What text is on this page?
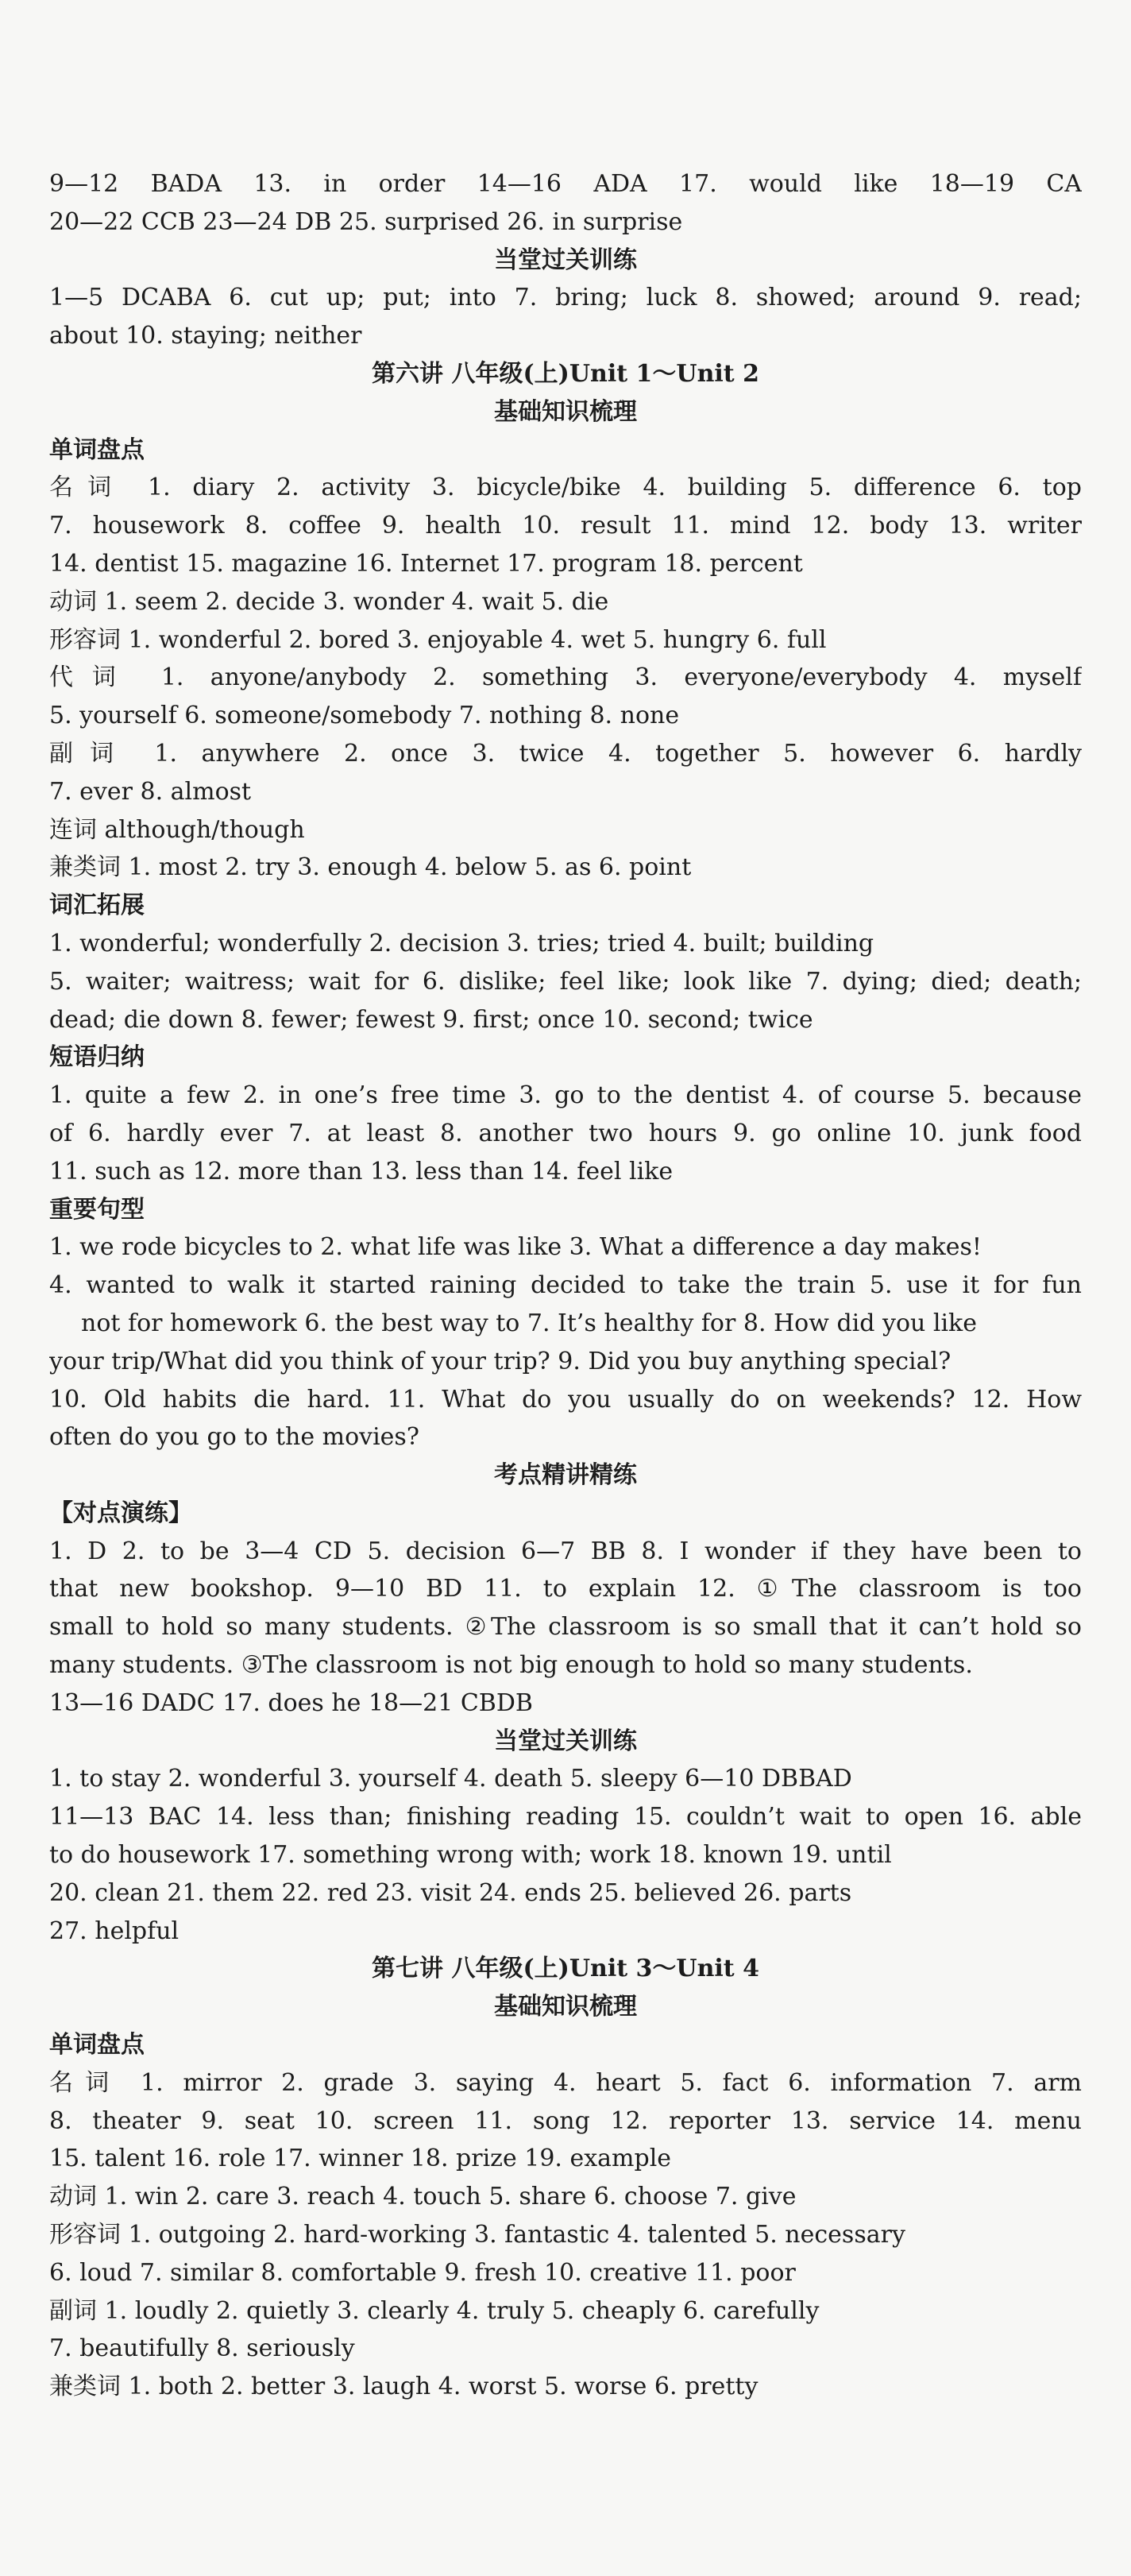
9—12 BADA 13. in order 14—16 ADA 17. would like 18—19 CA
20—22 CCB 23—24 DB 25. surprised 26. in surprise
当堂过关训练
1—5 DCABA 6. cut up; put; into 7. bring; luck 8. showed; around 9. read;
about 10. staying; neither
第六讲 八年级(上)Unit 1～Unit 2
基础知识梳理
单词盘点
名词 1. diary 2. activity 3. bicycle/bike 4. building 5. difference 6. top
7. housework 8. coffee 9. health 10. result 11. mind 12. body 13. writer
14. dentist 15. magazine 16. Internet 17. program 18. percent
动词 1. seem 2. decide 3. wonder 4. wait 5. die
形容词 1. wonderful 2. bored 3. enjoyable 4. wet 5. hungry 6. full
代词 1. anyone/anybody 2. something 3. everyone/everybody 4. myself
5. yourself 6. someone/somebody 7. nothing 8. none
副词 1. anywhere 2. once 3. twice 4. together 5. however 6. hardly
7. ever 8. almost
连词 although/though
兼类词 1. most 2. try 3. enough 4. below 5. as 6. point
词汇拓展
1. wonderful; wonderfully 2. decision 3. tries; tried 4. built; building
5. waiter; waitress; wait for 6. dislike; feel like; look like 7. dying; died; death;
dead; die down 8. fewer; fewest 9. first; once 10. second; twice
短语归纳
1. quite a few 2. in one’s free time 3. go to the dentist 4. of course 5. because
of 6. hardly ever 7. at least 8. another two hours 9. go online 10. junk food
11. such as 12. more than 13. less than 14. feel like
重要句型
1. we rode bicycles to 2. what life was like 3. What a difference a day makes!
4. wanted to walk it started raining decided to take the train 5. use it for fun
not for homework 6. the best way to 7. It’s healthy for 8. How did you like
your trip/What did you think of your trip? 9. Did you buy anything special?
10. Old habits die hard. 11. What do you usually do on weekends? 12. How
often do you go to the movies?
考点精讲精练
【对点演练】
1. D 2. to be 3—4 CD 5. decision 6—7 BB 8. I wonder if they have been to
that new bookshop. 9—10 BD 11. to explain 12. ①The classroom is too
small to hold so many students. ②The classroom is so small that it can’t hold so
many students. ③The classroom is not big enough to hold so many students.
13—16 DADC 17. does he 18—21 CBDB
当堂过关训练
1. to stay 2. wonderful 3. yourself 4. death 5. sleepy 6—10 DBBAD
11—13 BAC 14. less than; finishing reading 15. couldn’t wait to open 16. able
to do housework 17. something wrong with; work 18. known 19. until
20. clean 21. them 22. red 23. visit 24. ends 25. believed 26. parts
27. helpful
第七讲 八年级(上)Unit 3～Unit 4
基础知识梳理
单词盘点
名词 1. mirror 2. grade 3. saying 4. heart 5. fact 6. information 7. arm
8. theater 9. seat 10. screen 11. song 12. reporter 13. service 14. menu
15. talent 16. role 17. winner 18. prize 19. example
动词 1. win 2. care 3. reach 4. touch 5. share 6. choose 7. give
形容词 1. outgoing 2. hard-working 3. fantastic 4. talented 5. necessary
6. loud 7. similar 8. comfortable 9. fresh 10. creative 11. poor
副词 1. loudly 2. quietly 3. clearly 4. truly 5. cheaply 6. carefully
7. beautifully 8. seriously
兼类词 1. both 2. better 3. laugh 4. worst 5. worse 6. pretty
